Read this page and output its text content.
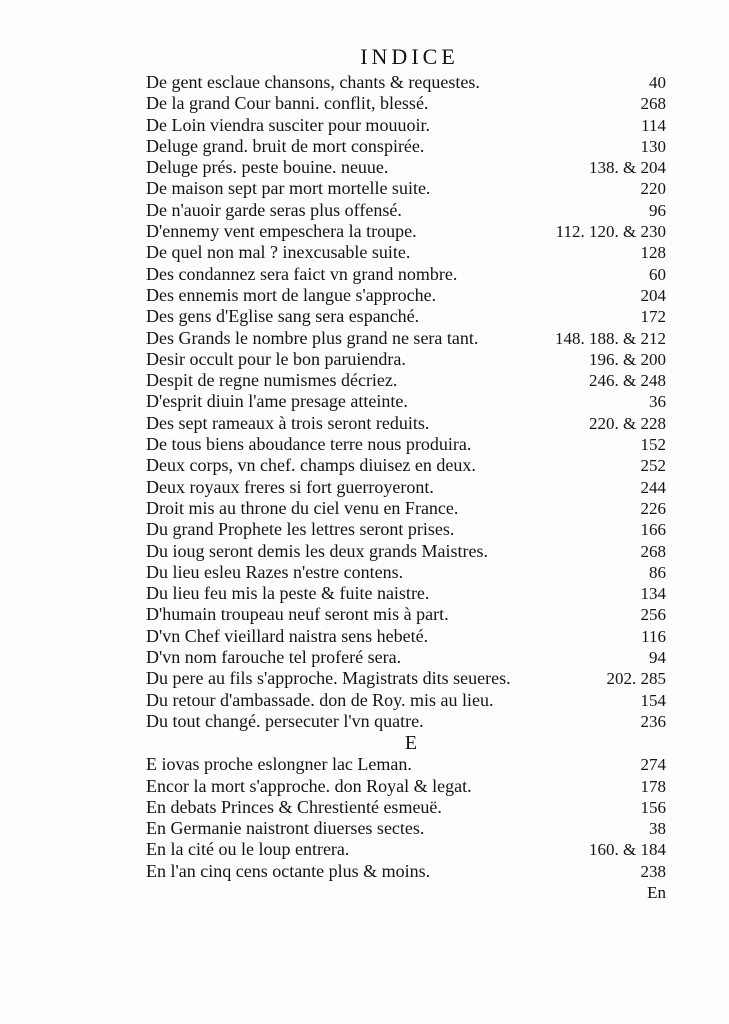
INDICE
De gent esclaue chansons, chants & requestes.	40
De la grand Cour banni. conflit, blessé.	268
De Loin viendra susciter pour mouuoir.	114
Deluge grand. bruit de mort conspirée.	130
Deluge prés. peste bouine. neuue.	138. & 204
De maison sept par mort mortelle suite.	220
De n'auoir garde seras plus offensé.	96
D'ennemy vent empeschera la troupe.	112. 120. & 230
De quel non mal ? inexcusable suite.	128
Des condannez sera faict vn grand nombre.	60
Des ennemis mort de langue s'approche.	204
Des gens d'Eglise sang sera espanché.	172
Des Grands le nombre plus grand ne sera tant.	148. 188. & 212
Desir occult pour le bon paruiendra.	196. & 200
Despit de regne numismes décriez.	246. & 248
D'esprit diuin l'ame presage atteinte.	36
Des sept rameaux à trois seront reduits.	220. & 228
De tous biens aboudance terre nous produira.	152
Deux corps, vn chef. champs diuisez en deux.	252
Deux royaux freres si fort guerroyeront.	244
Droit mis au throne du ciel venu en France.	226
Du grand Prophete les lettres seront prises.	166
Du ioug seront demis les deux grands Maistres.	268
Du lieu esleu Razes n'estre contens.	86
Du lieu feu mis la peste & fuite naistre.	134
D'humain troupeau neuf seront mis à part.	256
D'vn Chef vieillard naistra sens hebeté.	116
D'vn nom farouche tel proferé sera.	94
Du pere au fils s'approche. Magistrats dits seueres.	202. 285
Du retour d'ambassade. don de Roy. mis au lieu.	154
Du tout changé. persecuter l'vn quatre.	236
E
E iovas proche eslongner lac Leman.	274
Encor la mort s'approche. don Royal & legat.	178
En debats Princes & Chrestienté esmeuë.	156
En Germanie naistront diuerses sectes.	38
En la cité ou le loup entrera.	160. & 184
En l'an cinq cens octante plus & moins.	238
En
